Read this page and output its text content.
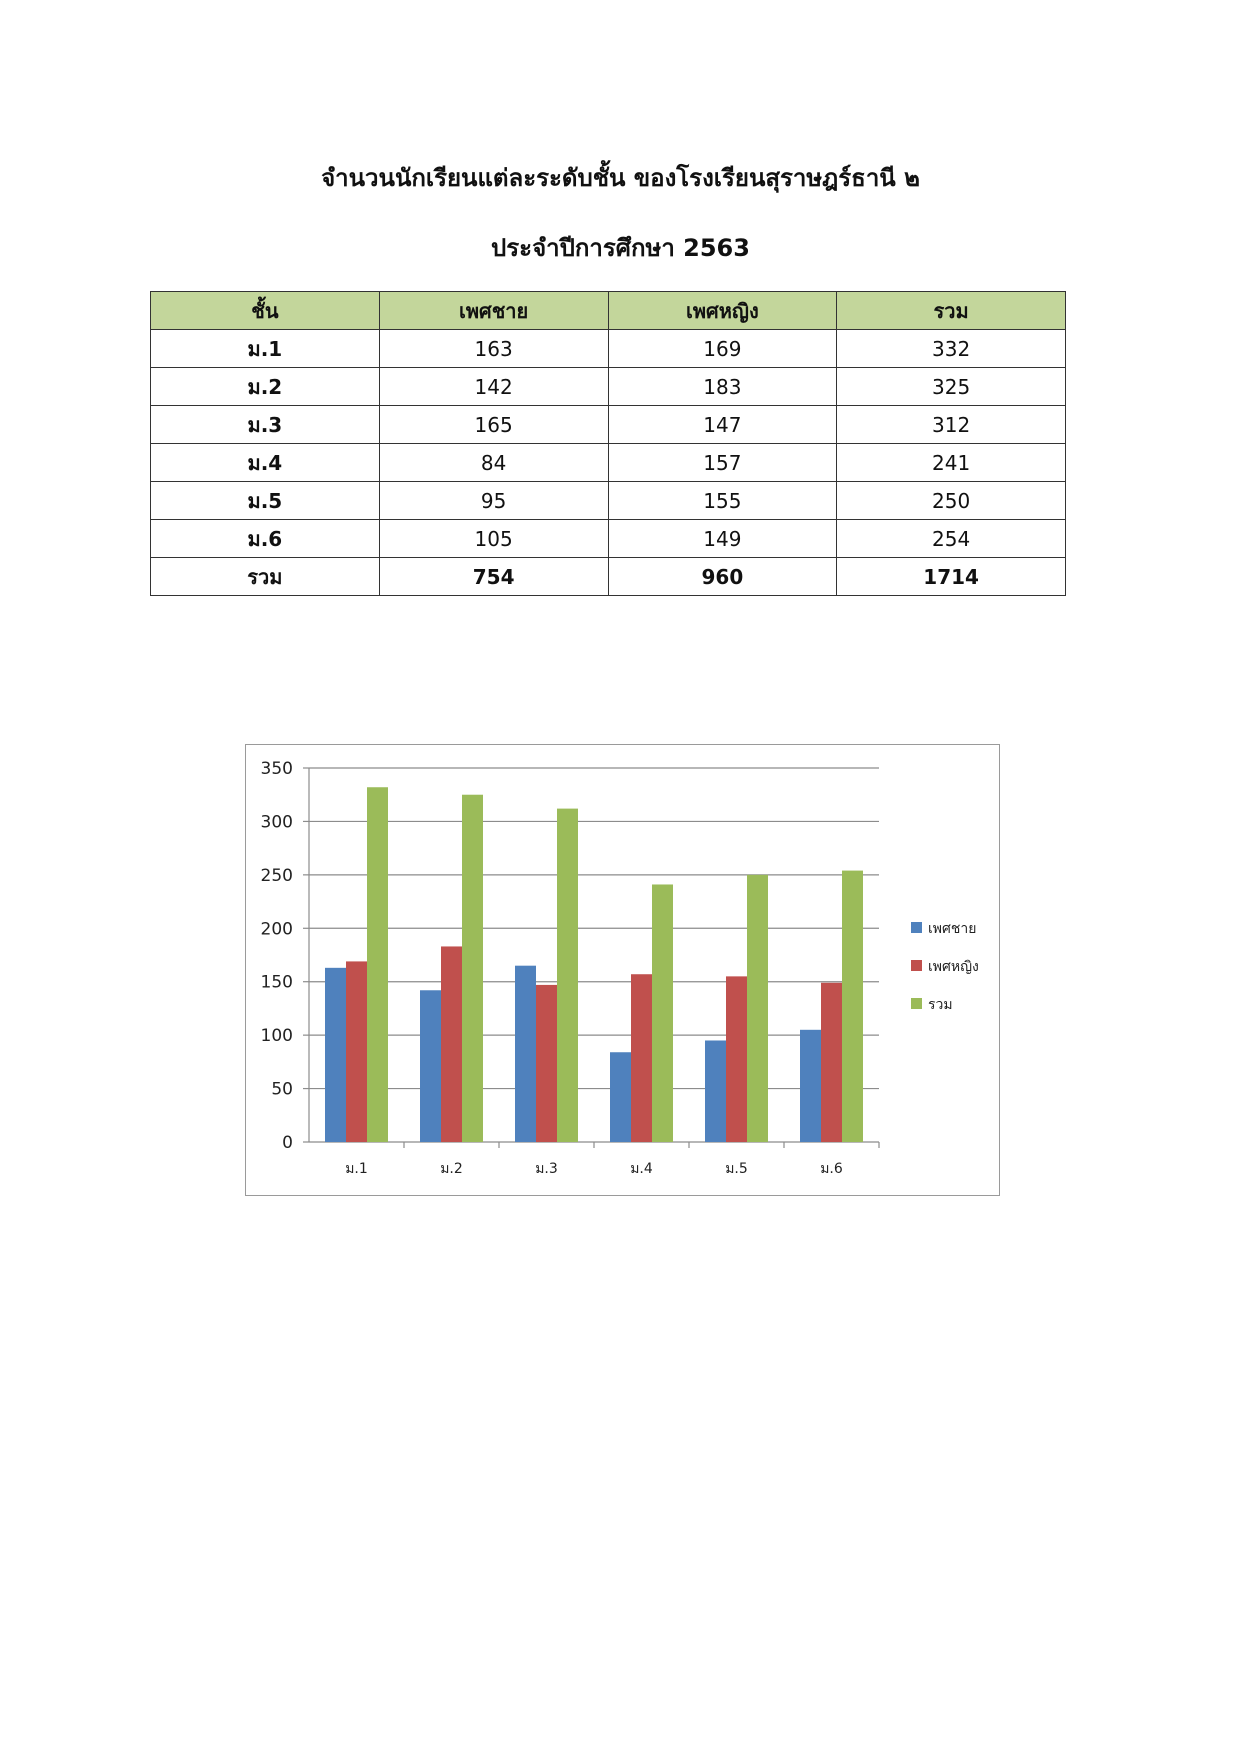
จำนวนนักเรียนแต่ละระดับชั้น ของโรงเรียนสุราษฎร์ธานี ๒
ประจำปีการศึกษา 2563
ชั้น	เพศชาย	เพศหญิง	รวม
ม.1	163	169	332
ม.2	142	183	325
ม.3	165	147	312
ม.4	84	157	241
ม.5	95	155	250
ม.6	105	149	254
รวม	754	960	1714
0
50
100
150
200
250
300
350
ม.1	ม.2	ม.3	ม.4	ม.5	ม.6
เพศชาย
เพศหญิง
รวม
